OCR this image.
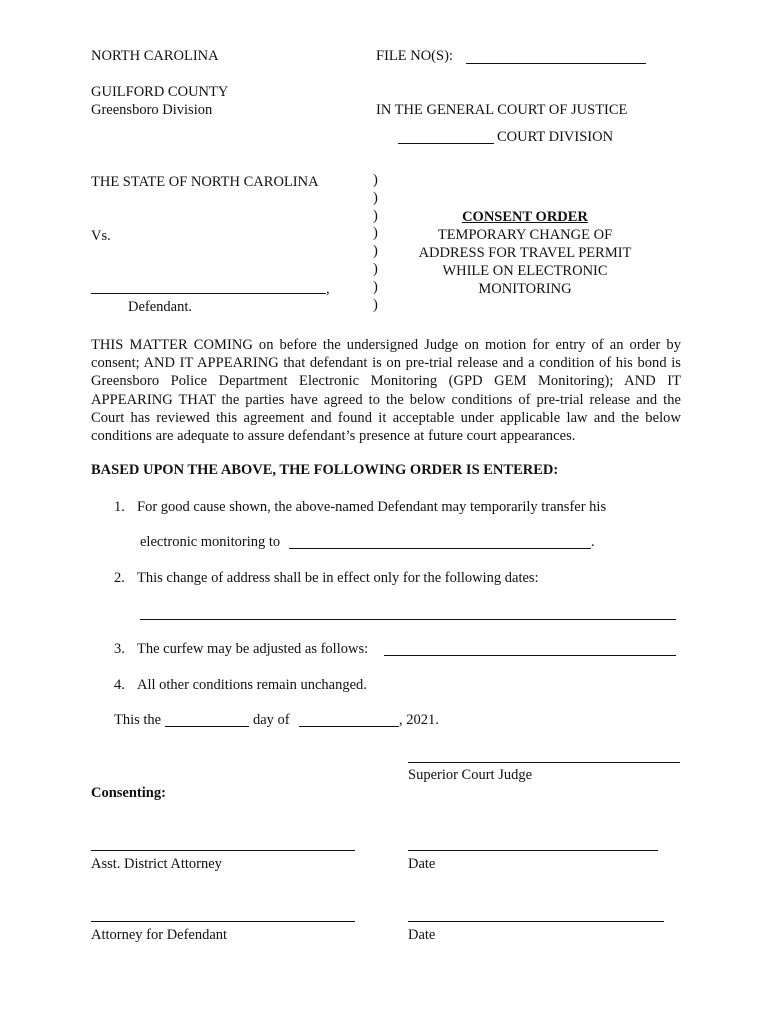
NORTH CAROLINA	FILE NO(S):
GUILFORD COUNTY
Greensboro Division	IN THE GENERAL COURT OF JUSTICE
COURT DIVISION
THE STATE OF NORTH CAROLINA
Vs.
,
Defendant.
)
)
)
)
)
)
)
)
CONSENT ORDER
TEMPORARY CHANGE OF
ADDRESS FOR TRAVEL PERMIT
WHILE ON ELECTRONIC
MONITORING
THIS MATTER COMING on before the undersigned Judge on motion for entry of an order by consent; AND IT APPEARING that defendant is on pre-trial release and a condition of his bond is Greensboro Police Department Electronic Monitoring (GPD GEM Monitoring); AND IT APPEARING THAT the parties have agreed to the below conditions of pre-trial release and the Court has reviewed this agreement and found it acceptable under applicable law and the below conditions are adequate to assure defendant’s presence at future court appearances.
BASED UPON THE ABOVE, THE FOLLOWING ORDER IS ENTERED:
1. For good cause shown, the above-named Defendant may temporarily transfer his
electronic monitoring to	.
2. This change of address shall be in effect only for the following dates:
3. The curfew may be adjusted as follows:
4. All other conditions remain unchanged.
This the	day of	, 2021.
Superior Court Judge
Consenting:
Asst. District Attorney	Date
Attorney for Defendant	Date
